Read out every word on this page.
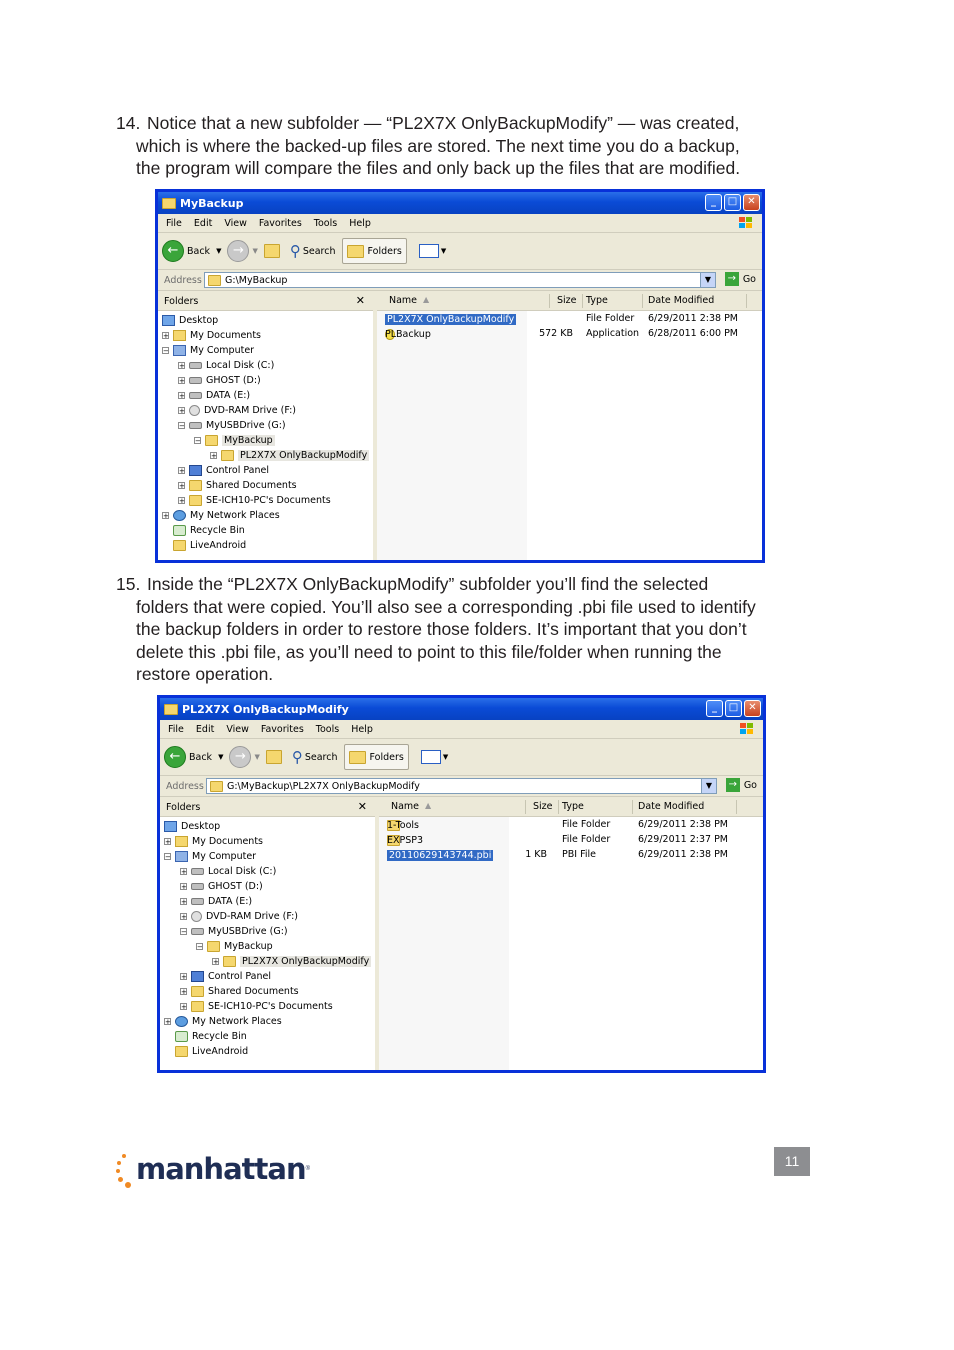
14. Notice that a new subfolder — “PL2X7X OnlyBackupModify” — was created,
which is where the backed-up files are stored. The next time you do a backup,
the program will compare the files and only back up the files that are modified.
MyBackup	_	□	✕
File Edit View Favorites Tools Help
← Back ▼ →	▼ ⚲ Search	Folders	▼
Address G:\MyBackup	▼	→ Go
Folders	✕
Desktop
+ My Documents
− My Computer
+ Local Disk (C:)
+ GHOST (D:)
+ DATA (E:)
+ DVD-RAM Drive (F:)
− MyUSBDrive (G:)
− MyBackup
+ PL2X7X OnlyBackupModify
+ Control Panel
+ Shared Documents
+ SE-ICH10-PC's Documents
+ My Network Places
Recycle Bin
LiveAndroid
Name ▲	Size Type	Date Modified
PL2X7X OnlyBackupModify	File Folder 6/29/2011 2:38 PM
PLBackup	572 KB Application 6/28/2011 6:00 PM
15. Inside the “PL2X7X OnlyBackupModify” subfolder you’ll find the selected
folders that were copied. You’ll also see a corresponding .pbi file used to identify
the backup folders in order to restore those folders. It’s important that you don’t
delete this .pbi file, as you’ll need to point to this file/folder when running the
restore operation.
PL2X7X OnlyBackupModify	_	□	✕
File Edit View Favorites Tools Help
← Back ▼ →	▼ ⚲ Search	Folders	▼
Address G:\MyBackup\PL2X7X OnlyBackupModify	▼	→ Go
Folders	✕
Desktop
+ My Documents
− My Computer
+ Local Disk (C:)
+ GHOST (D:)
+ DATA (E:)
+ DVD-RAM Drive (F:)
− MyUSBDrive (G:)
− MyBackup
+ PL2X7X OnlyBackupModify
+ Control Panel
+ Shared Documents
+ SE-ICH10-PC's Documents
+ My Network Places
Recycle Bin
LiveAndroid
Name ▲	Size Type	Date Modified
1-Tools	File Folder	6/29/2011 2:38 PM
EXPSP3	File Folder	6/29/2011 2:37 PM
20110629143744.pbi	1 KB PBI File	6/29/2011 2:38 PM
manhattan ®	11
